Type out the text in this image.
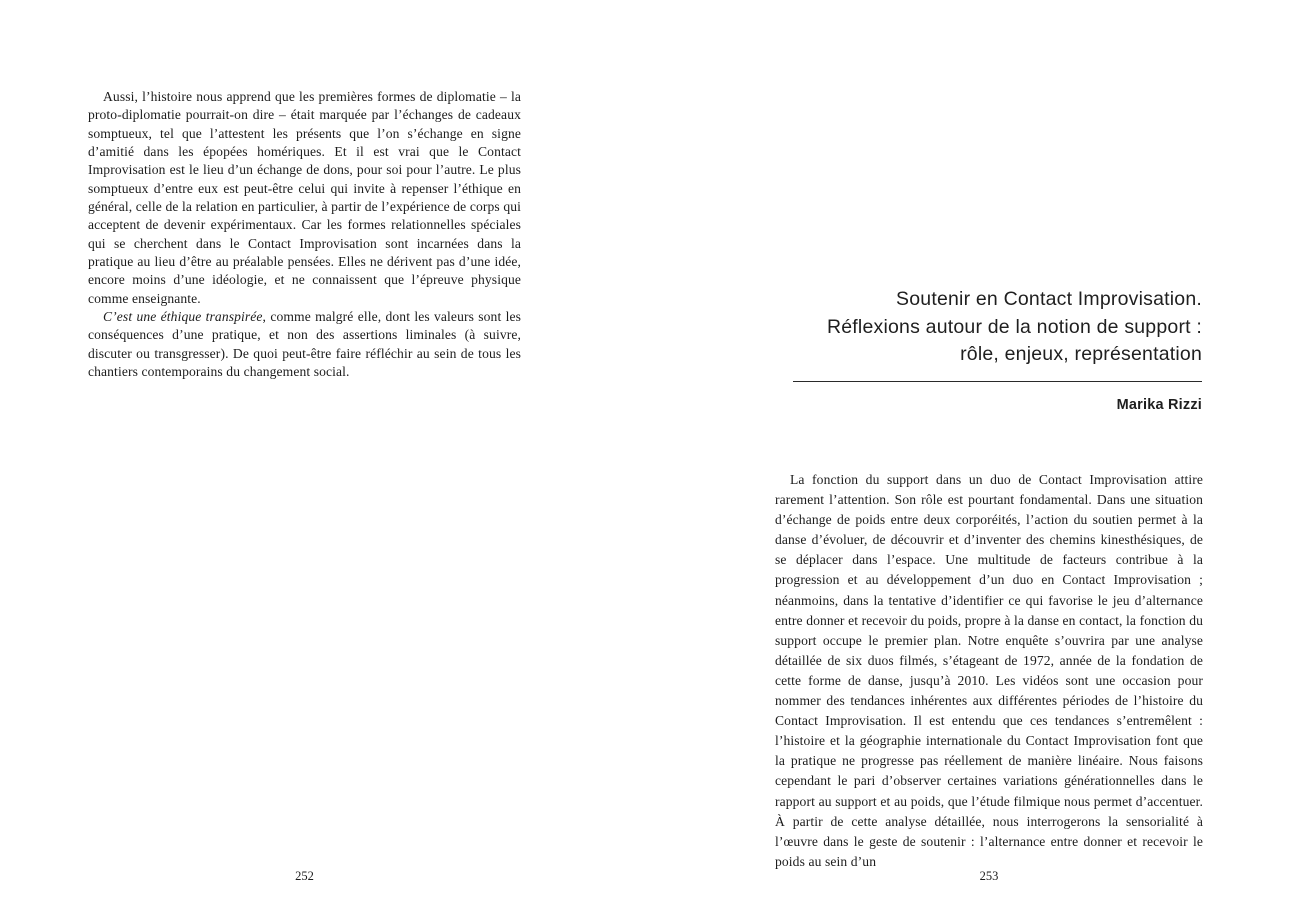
Aussi, l’histoire nous apprend que les premières formes de diplomatie – la proto-diplomatie pourrait-on dire – était marquée par l’échanges de cadeaux somptueux, tel que l’attestent les présents que l’on s’échange en signe d’amitié dans les épopées homériques. Et il est vrai que le Contact Improvisation est le lieu d’un échange de dons, pour soi pour l’autre. Le plus somptueux d’entre eux est peut-être celui qui invite à repenser l’éthique en général, celle de la relation en particulier, à partir de l’expérience de corps qui acceptent de devenir expérimentaux. Car les formes relationnelles spéciales qui se cherchent dans le Contact Improvisation sont incarnées dans la pratique au lieu d’être au préalable pensées. Elles ne dérivent pas d’une idée, encore moins d’une idéologie, et ne connaissent que l’épreuve physique comme enseignante.

C’est une éthique transpirée, comme malgré elle, dont les valeurs sont les conséquences d’une pratique, et non des assertions liminales (à suivre, discuter ou transgresser). De quoi peut-être faire réfléchir au sein de tous les chantiers contemporains du changement social.

252
Soutenir en Contact Improvisation.
Réflexions autour de la notion de support :
rôle, enjeux, représentation
Marika Rizzi

La fonction du support dans un duo de Contact Improvisation attire rarement l’attention. Son rôle est pourtant fondamental. Dans une situation d’échange de poids entre deux corporéités, l’action du soutien permet à la danse d’évoluer, de découvrir et d’inventer des chemins kinesthésiques, de se déplacer dans l’espace. Une multitude de facteurs contribue à la progression et au développement d’un duo en Contact Improvisation ; néanmoins, dans la tentative d’identifier ce qui favorise le jeu d’alternance entre donner et recevoir du poids, propre à la danse en contact, la fonction du support occupe le premier plan. Notre enquête s’ouvrira par une analyse détaillée de six duos filmés, s’étageant de 1972, année de la fondation de cette forme de danse, jusqu’à 2010. Les vidéos sont une occasion pour nommer des tendances inhérentes aux différentes périodes de l’histoire du Contact Improvisation. Il est entendu que ces tendances s’entremêlent : l’histoire et la géographie internationale du Contact Improvisation font que la pratique ne progresse pas réellement de manière linéaire. Nous faisons cependant le pari d’observer certaines variations générationnelles dans le rapport au support et au poids, que l’étude filmique nous permet d’accentuer. À partir de cette analyse détaillée, nous interrogerons la sensorialité à l’œuvre dans le geste de soutenir : l’alternance entre donner et recevoir le poids au sein d’un

253
